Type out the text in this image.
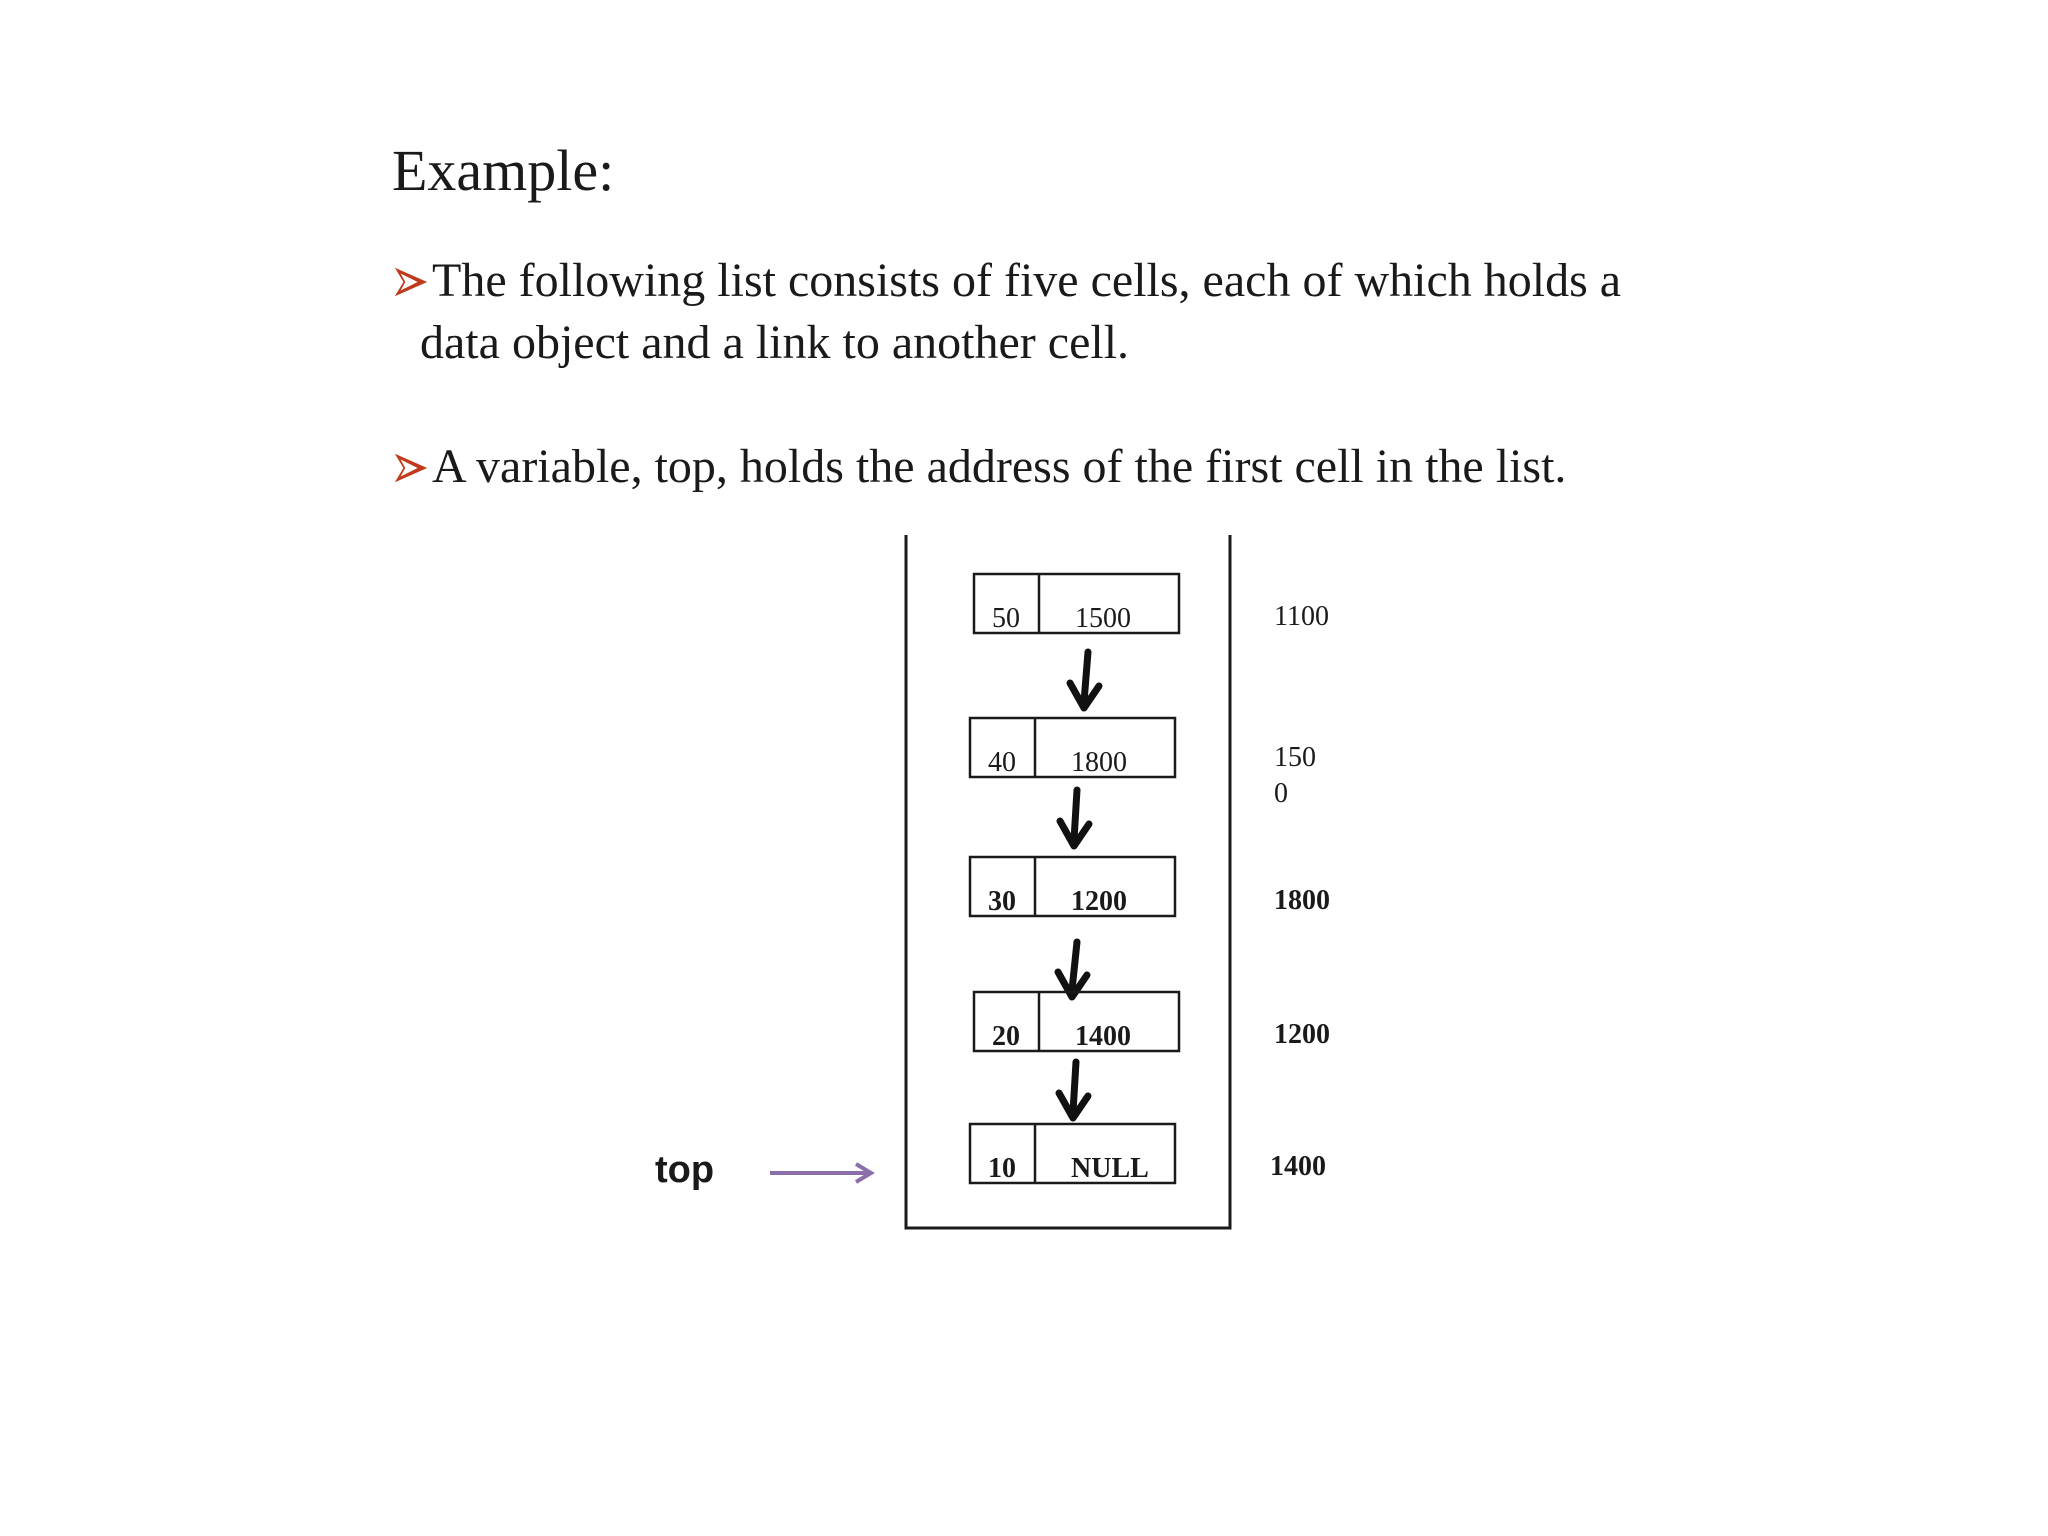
Example:
The following list consists of five cells, each of which holds a
data object and a link to another cell.
A variable, top, holds the address of the first cell in the list.
top
50 1500	1100
40 1800	150
0
30 1200	1800
20 1400	1200
10 NULL	1400
